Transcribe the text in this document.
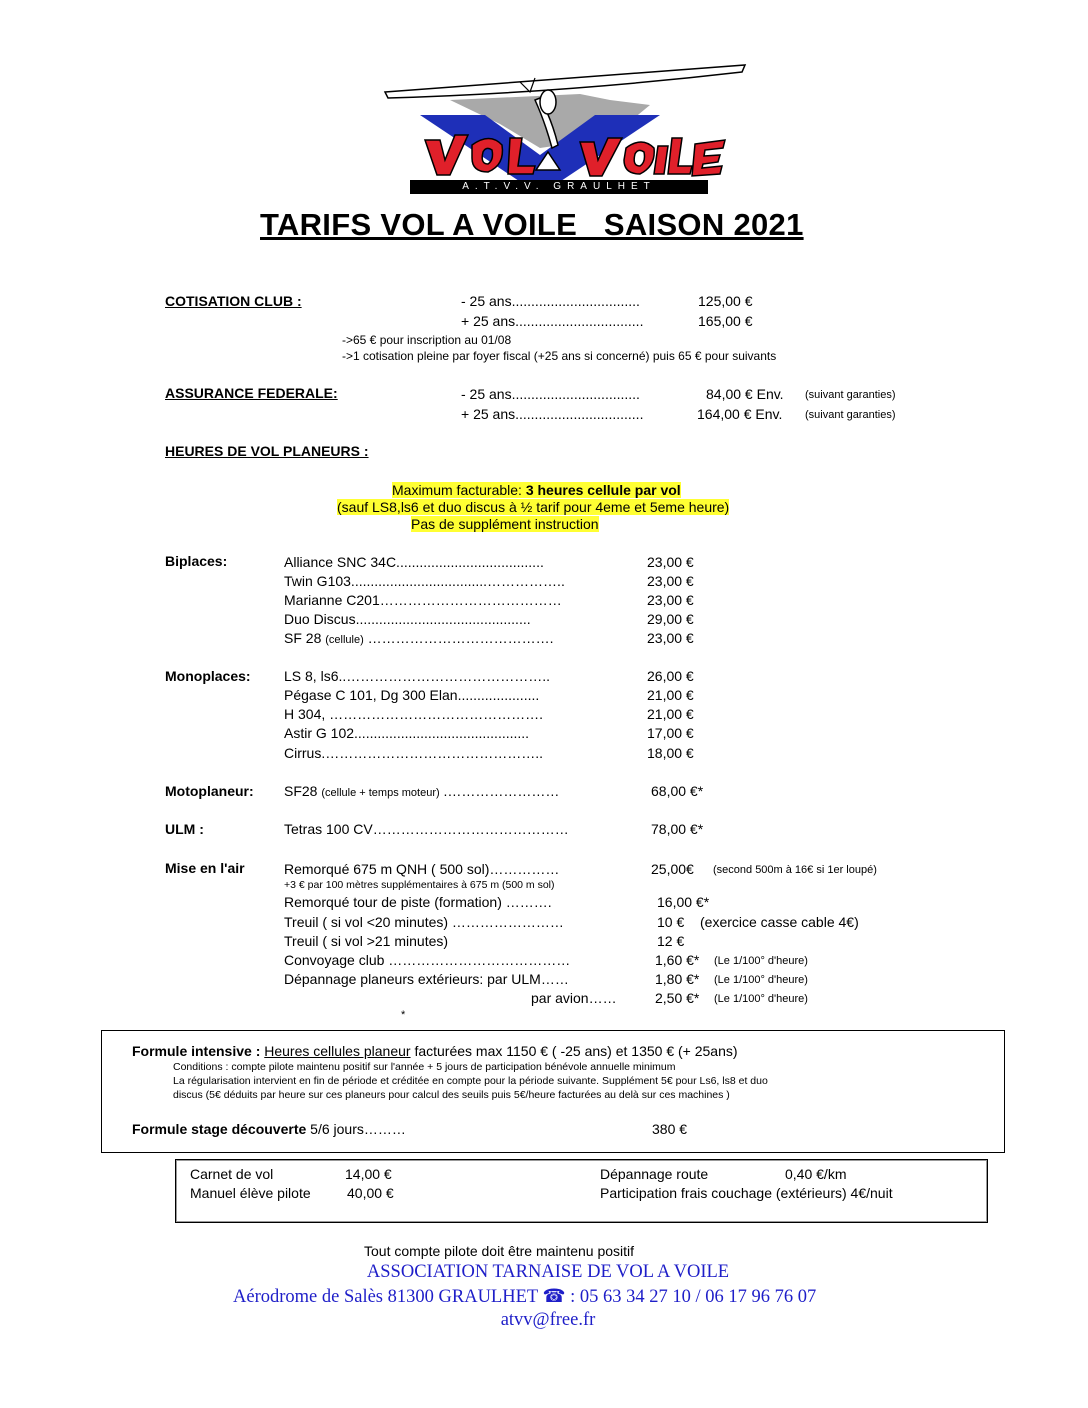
A.T.V.V. GRAULHET
TARIFS VOL A VOILE   SAISON 2021
COTISATION CLUB :	- 25 ans.................................	125,00 €
+ 25 ans.................................	165,00 €
->65 € pour inscription au 01/08
->1 cotisation pleine par foyer fiscal (+25 ans si concerné) puis 65 € pour suivants
ASSURANCE FEDERALE:	- 25 ans.................................	84,00 € Env. (suivant garanties)
+ 25 ans.................................	164,00 € Env. (suivant garanties)
HEURES DE VOL PLANEURS :
Maximum facturable: 3 heures cellule par vol
(sauf LS8,ls6 et duo discus à ½ tarif pour 4eme et 5eme heure)
Pas de supplément instruction
Biplaces:	Alliance SNC 34C......................................	23,00 €
Twin G103...................................……………..	23,00 €
Marianne C201…………………………………	23,00 €
Duo Discus.............................................	29,00 €
SF 28 (cellule) ………………………………….	23,00 €
Monoplaces: LS 8, ls6..……………………………………..	26,00 €
Pégase C 101, Dg 300 Elan.....................	21,00 €
H 304, ……………………………………….	21,00 €
Astir G 102.............................................	17,00 €
Cirrus.………………………………………..	18,00 €
Motoplaneur: SF28 (cellule + temps moteur) .……………………	68,00 €*
ULM :	Tetras 100 CV……………………………………	78,00 €*
Mise en l'air	Remorqué 675 m QNH ( 500 sol)……………	25,00€ (second 500m à 16€ si 1er loupé)
+3 € par 100 mètres supplémentaires à 675 m (500 m sol)
Remorqué tour de piste (formation) ……….	16,00 €*
Treuil ( si vol <20 minutes) ……………………	10 € (exercice casse cable 4€)
Treuil ( si vol >21 minutes)	12 €
Convoyage club …………………………………	1,60 €* (Le 1/100° d'heure)
Dépannage planeurs extérieurs: par ULM……	1,80 €* (Le 1/100° d'heure)
par avion……	2,50 €* (Le 1/100° d'heure)
*
Formule intensive : Heures cellules planeur facturées max 1150 € ( -25 ans) et 1350 € (+ 25ans)
Conditions : compte pilote maintenu positif sur l'année + 5 jours de participation bénévole annuelle minimum
La régularisation intervient en fin de période et créditée en compte pour la période suivante. Supplément 5€ pour Ls6, ls8 et duo
discus (5€ déduits par heure sur ces planeurs pour calcul des seuils puis 5€/heure facturées au delà sur ces machines )
Formule stage découverte 5/6 jours………	380 €
Carnet de vol	14,00 €
Manuel élève pilote	40,00 €
Dépannage route	0,40 €/km
Participation frais couchage (extérieurs) 4€/nuit
Tout compte pilote doit être maintenu positif
ASSOCIATION TARNAISE DE VOL A VOILE
Aérodrome de Salès 81300 GRAULHET ☎ : 05 63 34 27 10 / 06 17 96 76 07
atvv@free.fr
